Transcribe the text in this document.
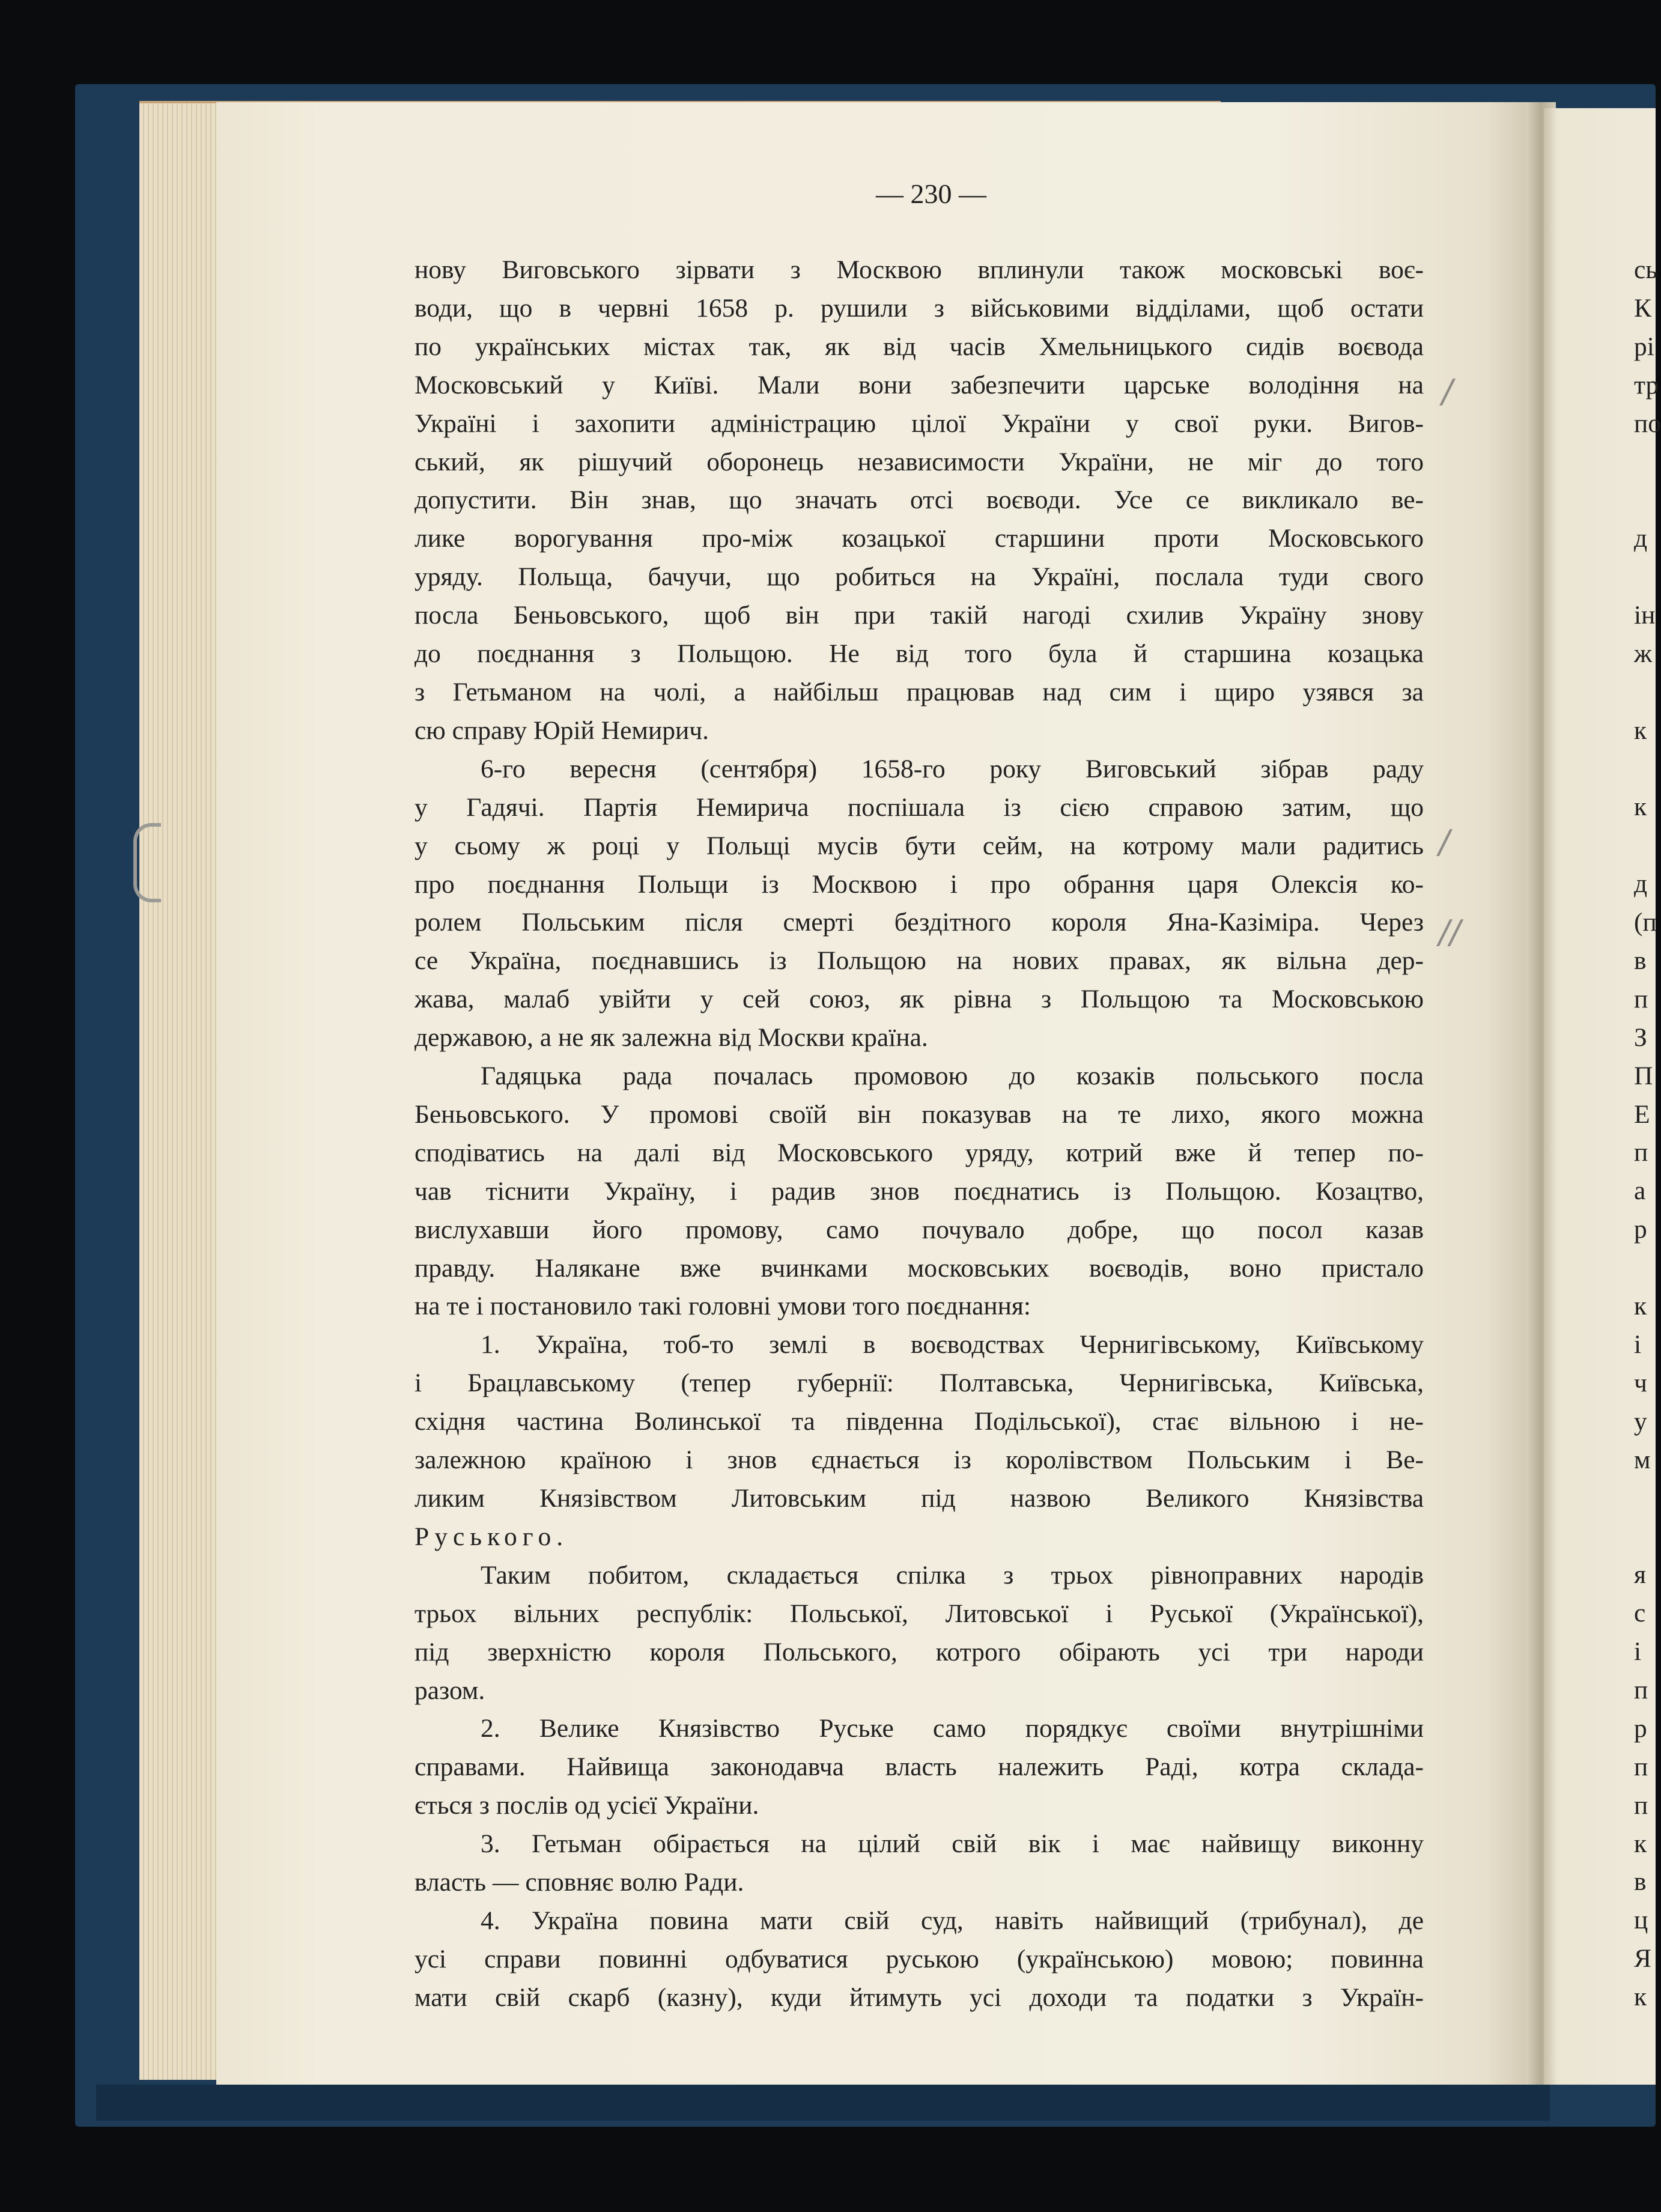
— 230 —
нову Виговського зірвати з Москвою вплинули також московські воє-
води, що в червні 1658 р. рушили з військовими відділами, щоб остати
по українських містах так, як від часів Хмельницького сидів воєвода
Московський у Київі. Мали вони забезпечити царське володіння на
Україні і захопити адміністрацию цілої України у свої руки. Вигов-
ський, як рішучий оборонець независимости України, не міг до того
допустити. Він знав, що значать отсі воєводи. Усе се викликало ве-
лике ворогування про-між козацької старшини проти Московського
уряду. Польща, бачучи, що робиться на Україні, послала туди свого
посла Беньовського, щоб він при такій нагоді схилив Україну знову
до поєднання з Польщою. Не від того була й старшина козацька
з Гетьманом на чолі, а найбільш працював над сим і щиро узявся за
сю справу Юрій Немирич.
6-го вересня (сентября) 1658-го року Виговський зібрав раду
у Гадячі. Партія Немирича поспішала із сією справою затим, що
у сьому ж році у Польщі мусів бути сейм, на котрому мали радитись
про поєднання Польщи із Москвою і про обрання царя Олексія ко-
ролем Польським після смерті бездітного короля Яна-Казіміра. Через
се Україна, поєднавшись із Польщою на нових правах, як вільна дер-
жава, малаб увійти у сей союз, як рівна з Польщою та Московською
державою, а не як залежна від Москви країна.
Гадяцька рада почалась промовою до козаків польського посла
Беньовського. У промові своїй він показував на те лихо, якого можна
сподіватись на далі від Московського уряду, котрий вже й тепер по-
чав тіснити Україну, і радив знов поєднатись із Польщою. Козацтво,
вислухавши його промову, само почувало добре, що посол казав
правду. Налякане вже вчинками московських воєводів, воно пристало
на те і постановило такі головні умови того поєднання:
1. Україна, тоб-то землі в воєводствах Чернигівському, Київському
і Брацлавському (тепер губернії: Полтавська, Чернигівська, Київська,
східня частина Волинської та південна Подільської), стає вільною і не-
залежною країною і знов єднається із королівством Польським і Ве-
ликим Князівством Литовським під назвою Великого Князівства
Руського.
Таким побитом, складається спілка з трьох рівноправних народів
трьох вільних республік: Польської, Литовської і Руської (Української),
під зверхністю короля Польського, котрого обірають усі три народи
разом.
2. Велике Князівство Руське само порядкує своїми внутрішніми
справами. Найвища законодавча власть належить Раді, котра склада-
ється з послів од усієї України.
3. Гетьман обірається на цілий свій вік і має найвищу виконну
власть — сповняє волю Ради.
4. Україна повина мати свій суд, навіть найвищий (трибунал), де
усі справи повинні одбуватися руською (українською) мовою; повинна
мати свій скарб (казну), куди йтимуть усі доходи та податки з Україн-
сь
К
рі
тр
по
д
ін
ж
к
к
д
(п
в
п
З
П
Е
п
а
р
к
і
ч
у
м
я
с
і
п
р
п
п
к
в
ц
Я
к
/
/
//
